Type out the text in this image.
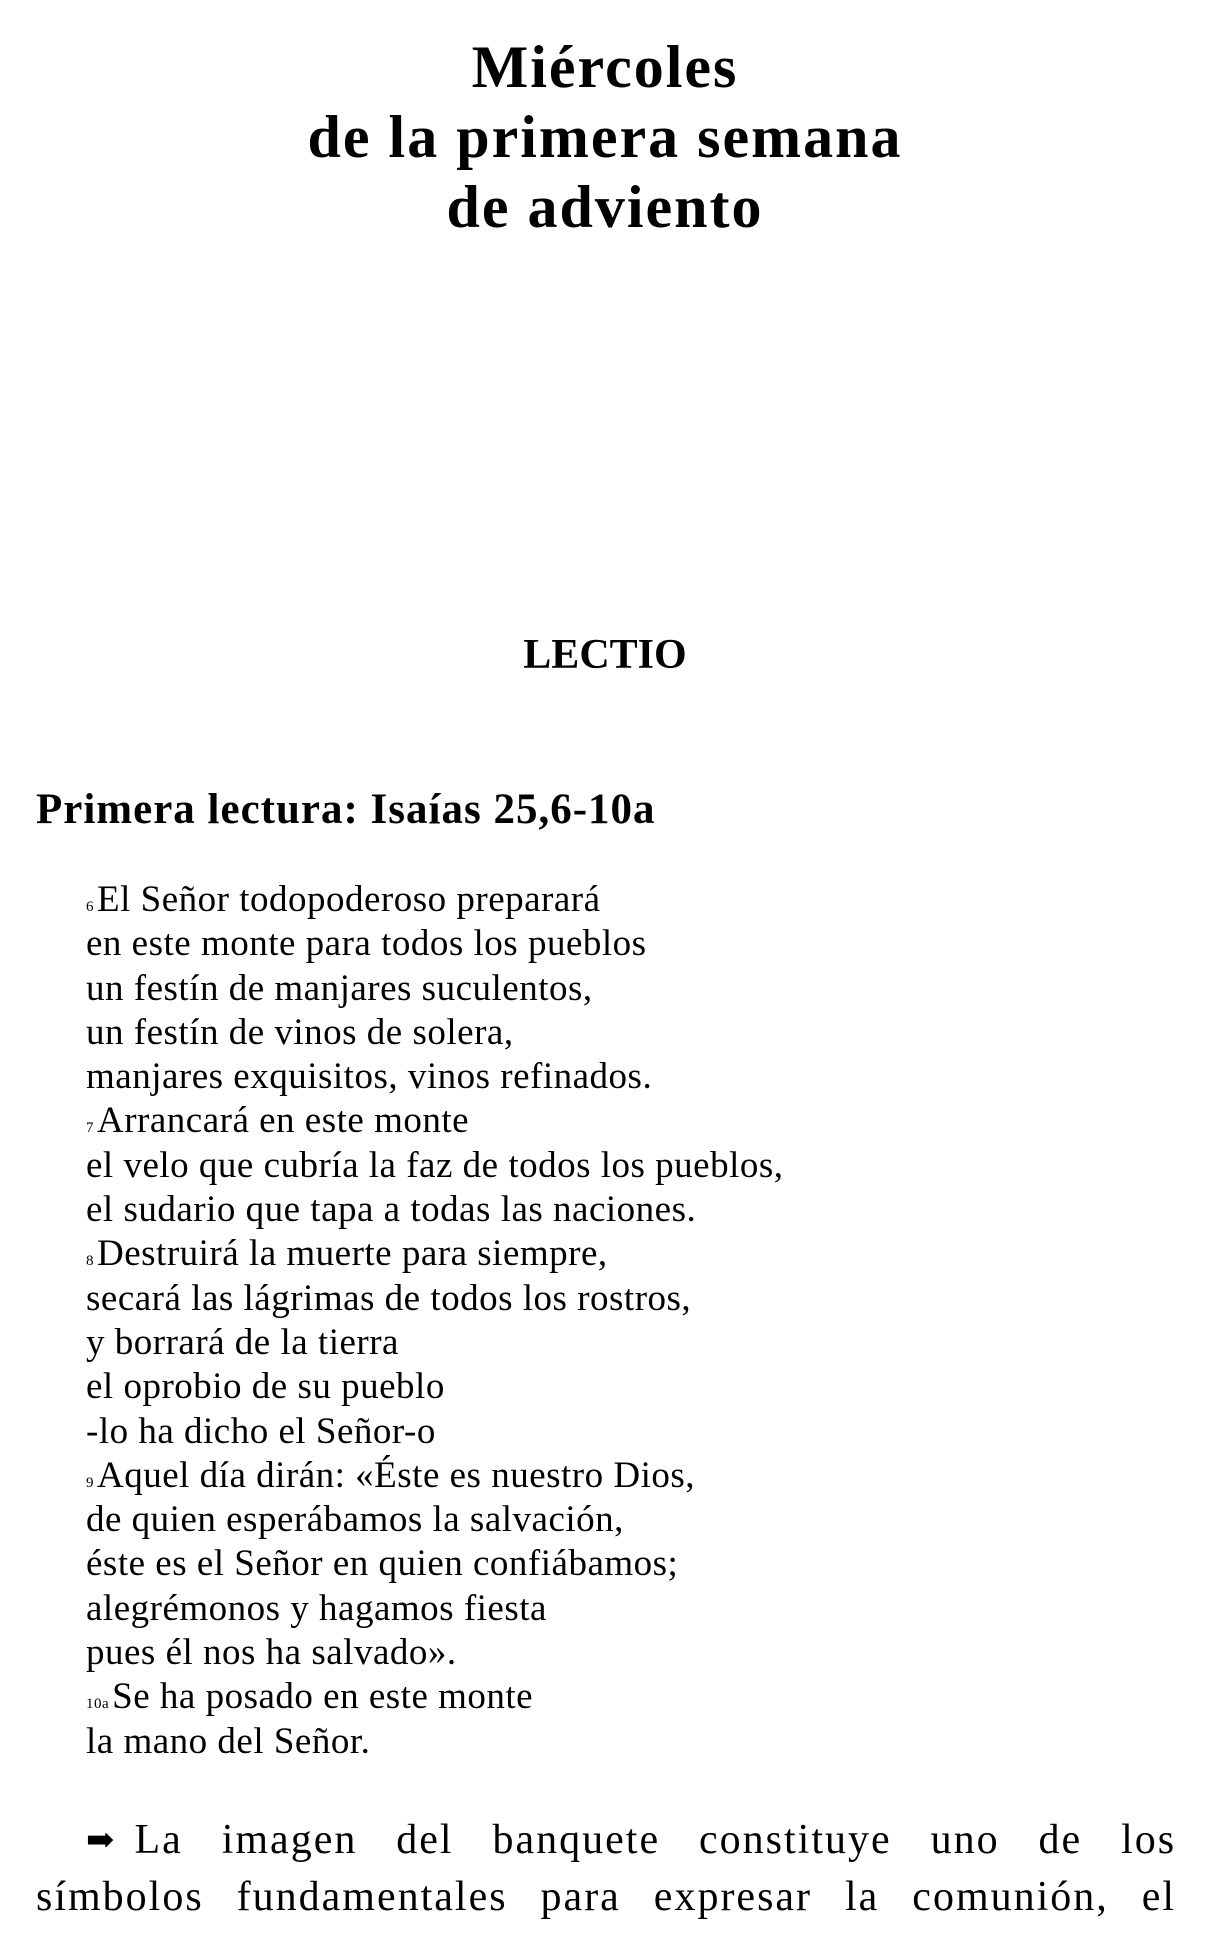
Miércoles
de la primera semana
de adviento
LECTIO
Primera lectura: Isaías 25,6-10a
6El Señor todopoderoso preparará
en este monte para todos los pueblos
un festín de manjares suculentos,
un festín de vinos de solera,
manjares exquisitos, vinos refinados.
7Arrancará en este monte
el velo que cubría la faz de todos los pueblos,
el sudario que tapa a todas las naciones.
8Destruirá la muerte para siempre,
secará las lágrimas de todos los rostros,
y borrará de la tierra
el oprobio de su pueblo
-lo ha dicho el Señor-o
9Aquel día dirán: «Éste es nuestro Dios,
de quien esperábamos la salvación,
éste es el Señor en quien confiábamos;
alegrémonos y hagamos fiesta
pues él nos ha salvado».
10aSe ha posado en este monte
la mano del Señor.
➡ La imagen del banquete constituye uno de los
símbolos fundamentales para expresar la comunión, el
